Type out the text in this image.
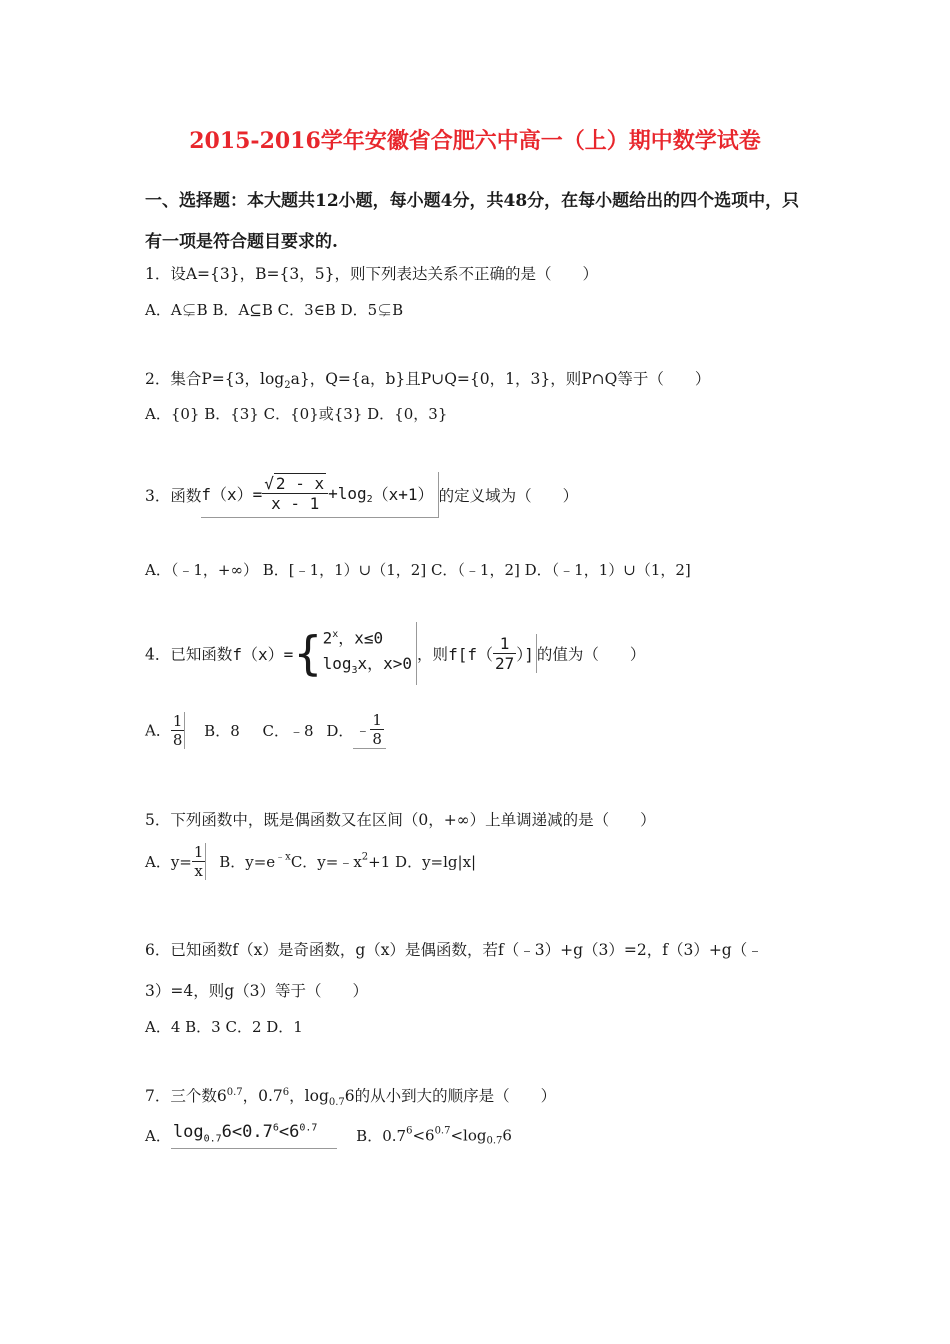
2015-2016学年安徽省合肥六中高一（上）期中数学试卷
一、选择题：本大题共12小题，每小题4分，共48分，在每小题给出的四个选项中，只
有一项是符合题目要求的.
1．设A={3}，B={3，5}，则下列表达关系不正确的是（　　）
A．A⊊B B．A⊆B C．3∈B D．5⊊B
2．集合P={3，$\log_2a$}，Q={a，b}且P∪Q={0，1，3}，则P∩Q等于（　　）
A．{0} B．{3} C．{0}或{3} D．{0，3}
3．函数$f(x)= \frac{√ 2 - x}{x - 1} +\log_2(x+1)$ 的定义域为（　　）
A．（﹣1，+∞） B．[﹣1，1）∪（1，2] C．（﹣1，2] D．（﹣1，1）∪（1，2]
4．已知函数f（x）={ 2$^x$，x≤0
$\log_3x$，x>0
，则$f[f( \frac{1}{27}$ ）] 的值为（　　）
A． $\frac{1}{8}$ B．8 C．﹣8 D． ﹣ $\frac{1}{8}$
5．下列函数中，既是偶函数又在区间（0，+∞）上单调递减的是（　　）
A．$y= \frac{1}{x}$ B．$y=e^{﹣x}C$．$y=﹣x^2+1$ D．y=lg|x|
6．已知函数f（x）是奇函数，g（x）是偶函数，若f（﹣3）+g（3）=2，f（3）+g（﹣
3）=4，则g（3）等于（　　）
A．4 B．3 C．2 D．1
7．三个数$6^{0.7}$，$0.7^6$，$\log_{0.7}6$的从小到大的顺序是（　　）
A． $\log_{0.7}6<0.7^6<6^{0.7}$	B．$0.7^6<6^{0.7}<\log_{0.7}6$
